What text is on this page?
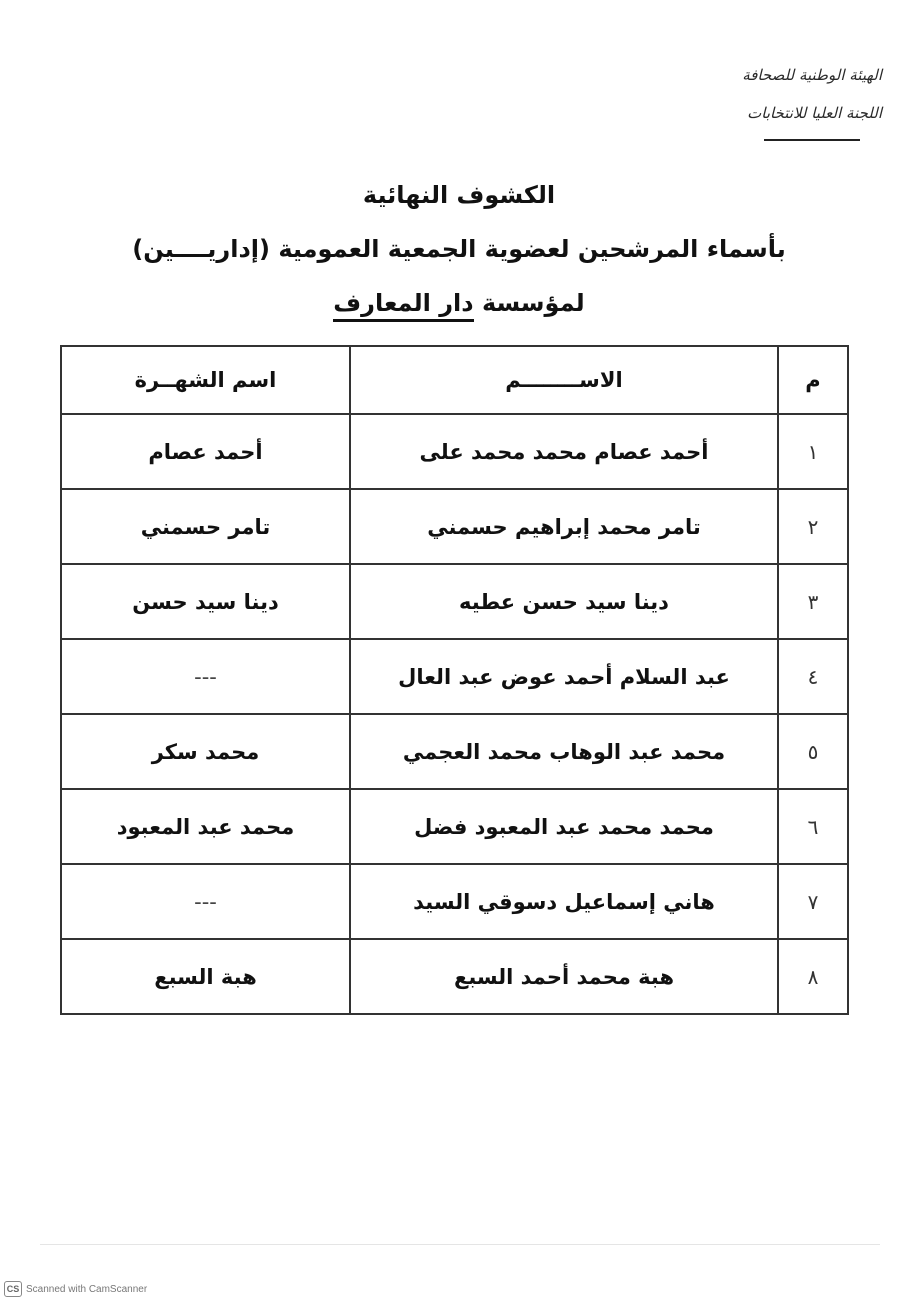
الهيئة الوطنية للصحافة
اللجنة العليا للانتخابات
الكشوف النهائية
بأسماء المرشحين لعضوية الجمعية العمومية (إداريــــين)
لمؤسسة دار المعارف
م	الاســــــــم	اسم الشهــرة
١	أحمد عصام محمد محمد على	أحمد عصام
٢	تامر محمد إبراهيم حسمني	تامر حسمني
٣	دينا سيد حسن عطيه	دينا سيد حسن
٤	عبد السلام أحمد عوض عبد العال	---
٥	محمد عبد الوهاب محمد العجمي	محمد سكر
٦	محمد محمد عبد المعبود فضل	محمد عبد المعبود
٧	هاني إسماعيل دسوقي السيد	---
٨	هبة محمد أحمد السبع	هبة السبع
CS Scanned with CamScanner
